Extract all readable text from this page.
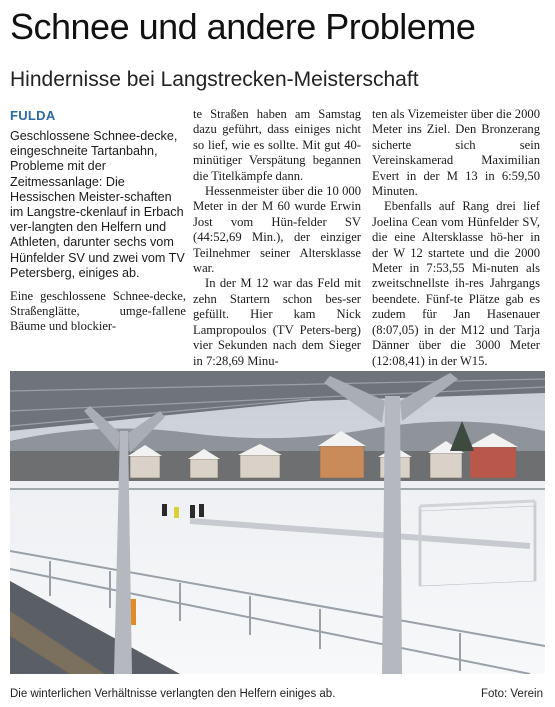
Schnee und andere Probleme
Hindernisse bei Langstrecken-Meisterschaft
FULDA

Geschlossene Schnee-decke, eingeschneite Tartanbahn, Probleme mit der Zeitmessanlage: Die Hessischen Meister-schaften im Langstre-ckenlauf in Erbach ver-langten den Helfern und Athleten, darunter sechs vom Hünfelder SV und zwei vom TV Petersberg, einiges ab.

Eine geschlossene Schnee-decke, Straßenglätte, umge-fallene Bäume und blockier-

te Straßen haben am Samstag dazu geführt, dass einiges nicht so lief, wie es sollte. Mit gut 40-minütiger Verspätung begannen die Titelkämpfe dann.

Hessenmeister über die 10 000 Meter in der M 60 wurde Erwin Jost vom Hün-felder SV (44:52,69 Min.), der einziger Teilnehmer seiner Altersklasse war.

In der M 12 war das Feld mit zehn Startern schon bes-ser gefüllt. Hier kam Nick Lampropoulos (TV Peters-berg) vier Sekunden nach dem Sieger in 7:28,69 Minu-

ten als Vizemeister über die 2000 Meter ins Ziel. Den Bronzerang sicherte sich sein Vereinskamerad Maximilian Evert in der M 13 in 6:59,50 Minuten.

Ebenfalls auf Rang drei lief Joelina Cean vom Hünfelder SV, die eine Altersklasse hö-her in der W 12 startete und die 2000 Meter in 7:53,55 Mi-nuten als zweitschnellste ih-res Jahrgangs beendete. Fünf-te Plätze gab es zudem für Jan Hasenauer (8:07,05) in der M12 und Tarja Dänner über die 3000 Meter (12:08,41) in der W15.

Die winterlichen Verhältnisse verlangten den Helfern einiges ab.	Foto: Verein
